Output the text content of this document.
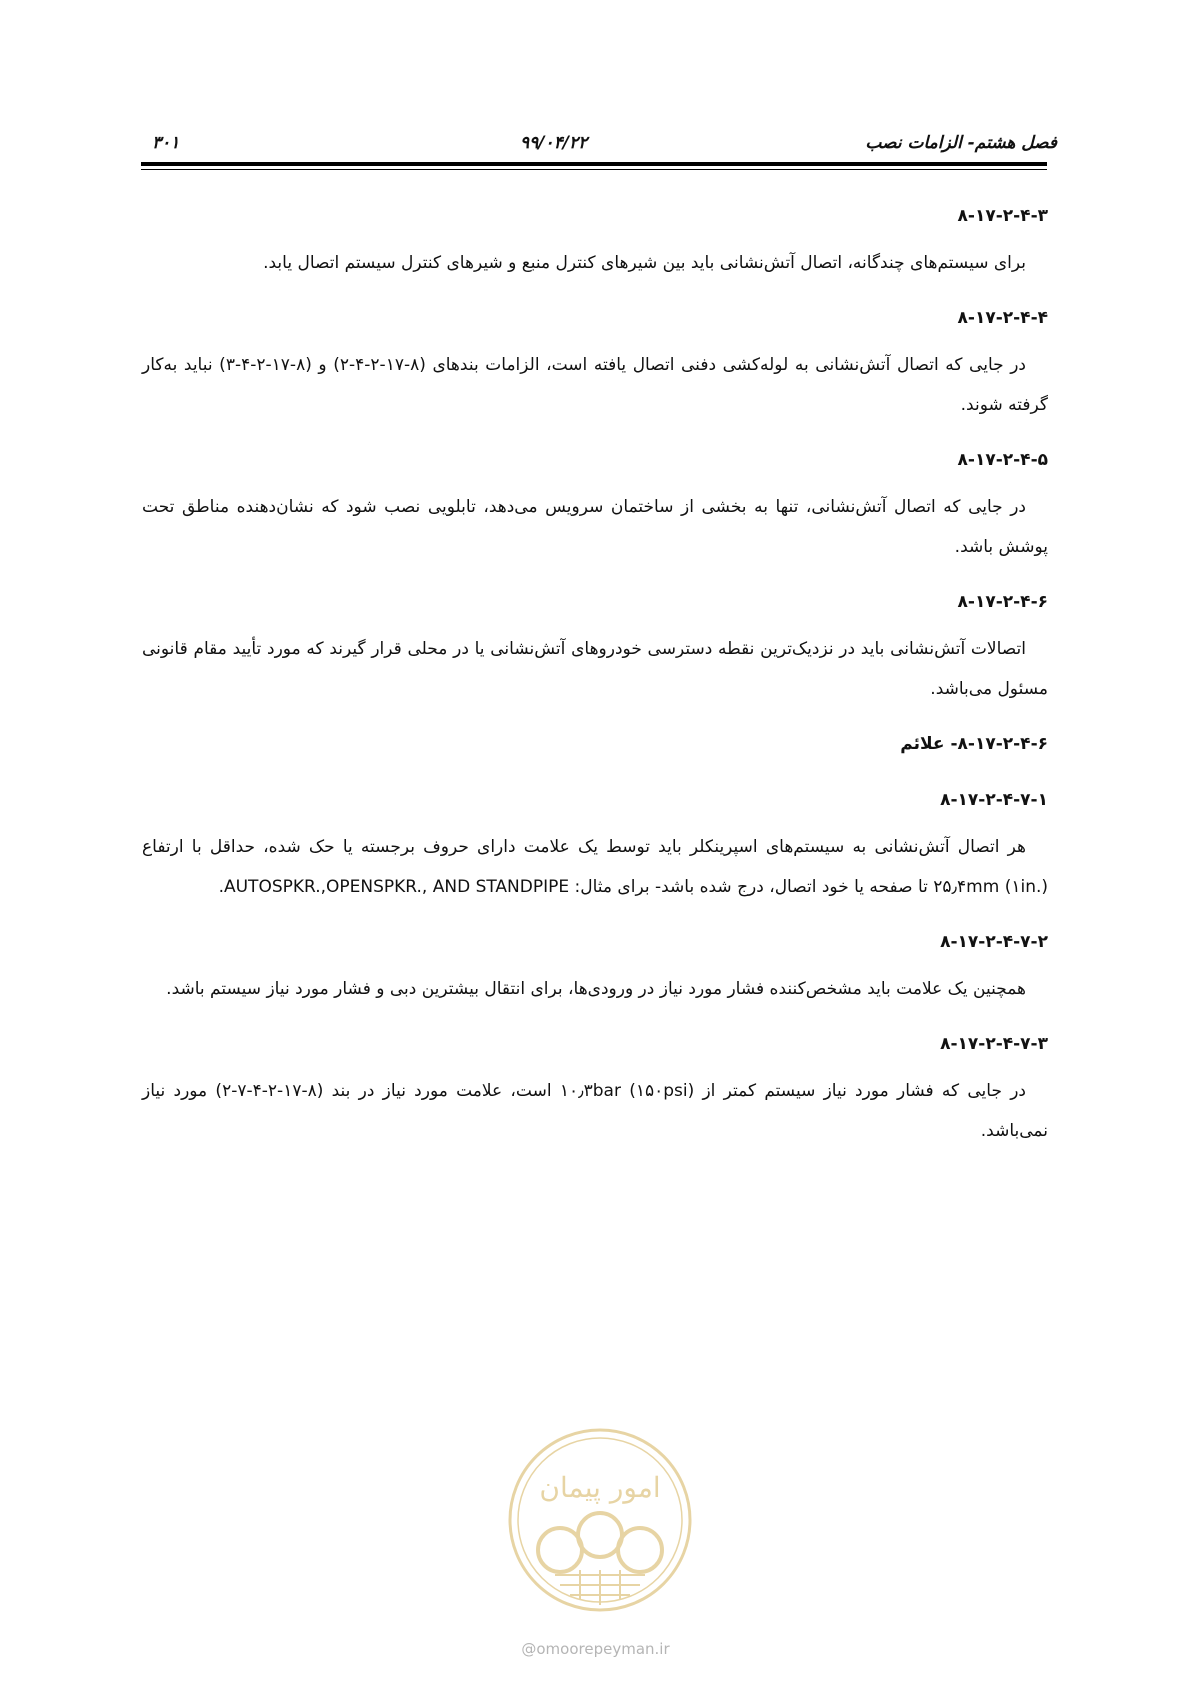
فصل هشتم- الزامات نصب
۹۹/۰۴/۲۲
۳۰۱

۸-۱۷-۲-۴-۳

برای سیستم‌های چندگانه، اتصال آتش‌نشانی باید بین شیرهای کنترل منبع و شیرهای کنترل سیستم اتصال یابد.

۸-۱۷-۲-۴-۴

در جایی که اتصال آتش‌نشانی به لوله‌کشی دفنی اتصال یافته است، الزامات بندهای (۸-۱۷-۲-۴-۲) و (۸-۱۷-۲-۴-۳) نباید به‌کار گرفته شوند.

۸-۱۷-۲-۴-۵

در جایی که اتصال آتش‌نشانی، تنها به بخشی از ساختمان سرویس می‌دهد، تابلویی نصب شود که نشان‌دهنده مناطق تحت پوشش باشد.

۸-۱۷-۲-۴-۶

اتصالات آتش‌نشانی باید در نزدیک‌ترین نقطه دسترسی خودروهای آتش‌نشانی یا در محلی قرار گیرند که مورد تأیید مقام قانونی مسئول می‌باشد.

۸-۱۷-۲-۴-۶- علائم

۸-۱۷-۲-۴-۷-۱

هر اتصال آتش‌نشانی به سیستم‌های اسپرینکلر باید توسط یک علامت دارای حروف برجسته یا حک شده، حداقل با ارتفاع ۲۵٫۴mm (۱in.) تا صفحه یا خود اتصال، درج شده باشد- برای مثال: AUTOSPKR.,OPENSPKR., AND STANDPIPE.

۸-۱۷-۲-۴-۷-۲

همچنین یک علامت باید مشخص‌کننده فشار مورد نیاز در ورودی‌ها، برای انتقال بیشترین دبی و فشار مورد نیاز سیستم باشد.

۸-۱۷-۲-۴-۷-۳

در جایی که فشار مورد نیاز سیستم کمتر از ۱۰٫۳bar (۱۵۰psi) است، علامت مورد نیاز در بند (۸-۱۷-۲-۴-۷-۲) مورد نیاز نمی‌باشد.

امور پیمان
@omoorepeyman.ir
